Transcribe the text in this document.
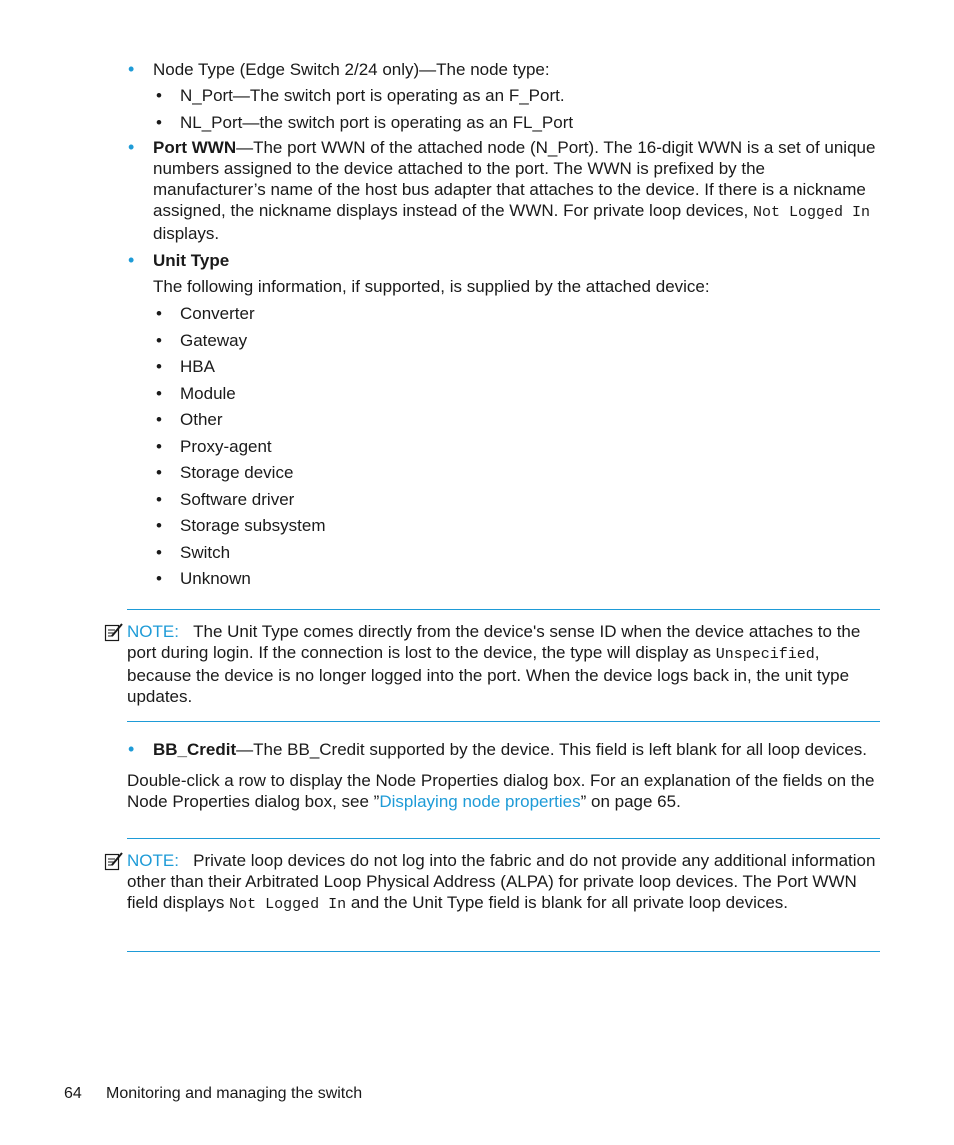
• Node Type (Edge Switch 2/24 only)—The node type:
• N_Port—The switch port is operating as an F_Port.
• NL_Port—the switch port is operating as an FL_Port
• Port WWN—The port WWN of the attached node (N_Port). The 16-digit WWN is a set of unique numbers assigned to the device attached to the port. The WWN is prefixed by the manufacturer’s name of the host bus adapter that attaches to the device. If there is a nickname assigned, the nickname displays instead of the WWN. For private loop devices, Not Logged In displays.
• Unit Type
The following information, if supported, is supplied by the attached device:
• Converter
• Gateway
• HBA
• Module
• Other
• Proxy-agent
• Storage device
• Software driver
• Storage subsystem
• Switch
• Unknown
NOTE: The Unit Type comes directly from the device's sense ID when the device attaches to the port during login. If the connection is lost to the device, the type will display as Unspecified, because the device is no longer logged into the port. When the device logs back in, the unit type updates.
• BB_Credit—The BB_Credit supported by the device. This field is left blank for all loop devices.
Double-click a row to display the Node Properties dialog box. For an explanation of the fields on the Node Properties dialog box, see ”Displaying node properties” on page 65.
NOTE: Private loop devices do not log into the fabric and do not provide any additional information other than their Arbitrated Loop Physical Address (ALPA) for private loop devices. The Port WWN field displays Not Logged In and the Unit Type field is blank for all private loop devices.
64 Monitoring and managing the switch
